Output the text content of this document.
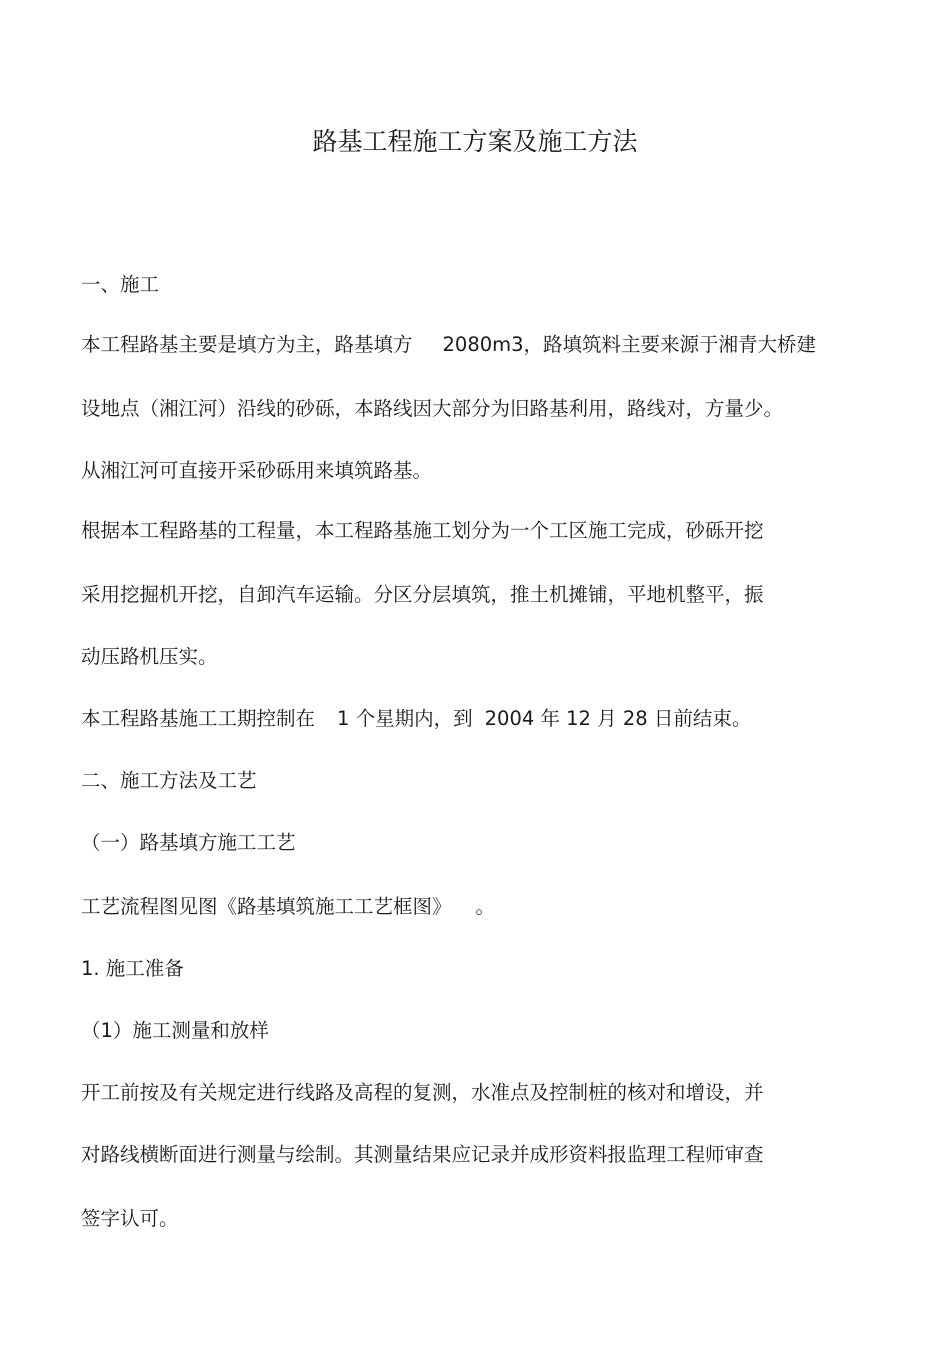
路基工程施工方案及施工方法
一、施工
本工程路基主要是填方为主，路基填方 2080m3，路填筑料主要来源于湘青大桥建
设地点（湘江河）沿线的砂砾，本路线因大部分为旧路基利用，路线对，方量少。
从湘江河可直接开采砂砾用来填筑路基。
根据本工程路基的工程量，本工程路基施工划分为一个工区施工完成，砂砾开挖
采用挖掘机开挖，自卸汽车运输。分区分层填筑，推土机摊铺，平地机整平，振
动压路机压实。
本工程路基施工工期控制在 1 个星期内，到 2004 年 12 月 28 日前结束。
二、施工方法及工艺
（一）路基填方施工工艺
工艺流程图见图《路基填筑施工工艺框图》 。
1. 施工准备
（1）施工测量和放样
开工前按及有关规定进行线路及高程的复测，水准点及控制桩的核对和增设，并
对路线横断面进行测量与绘制。其测量结果应记录并成形资料报监理工程师审查
签字认可。
